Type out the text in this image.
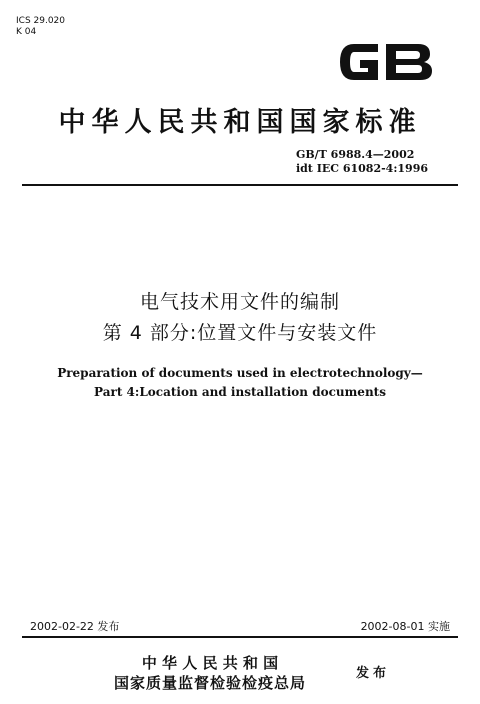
ICS 29.020
K 04
中华人民共和国国家标准
GB/T 6988.4—2002
idt IEC 61082-4:1996
电气技术用文件的编制
第 4 部分:位置文件与安装文件
Preparation of documents used in electrotechnology—
Part 4:Location and installation documents
2002-02-22 发布	2002-08-01 实施
中 华 人 民 共 和 国
国家质量监督检验检疫总局
发布
